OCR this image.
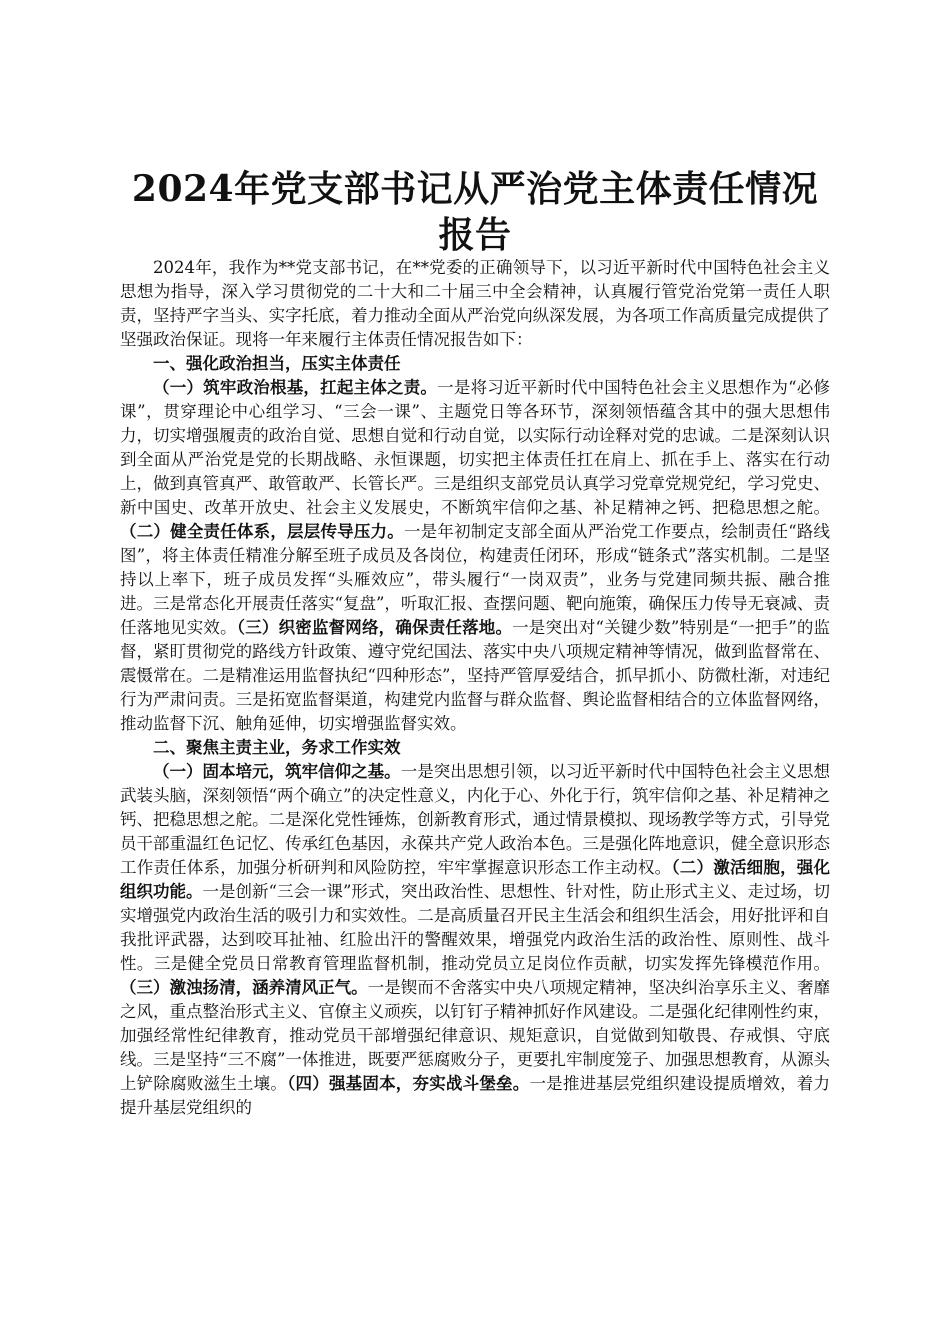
2024年党支部书记从严治党主体责任情况报告

2024年，我作为**党支部书记，在**党委的正确领导下，以习近平新时代中国特色社会主义思想为指导，深入学习贯彻党的二十大和二十届三中全会精神，认真履行管党治党第一责任人职责，坚持严字当头、实字托底，着力推动全面从严治党向纵深发展，为各项工作高质量完成提供了坚强政治保证。现将一年来履行主体责任情况报告如下：

一、强化政治担当，压实主体责任

（一）筑牢政治根基，扛起主体之责。一是将习近平新时代中国特色社会主义思想作为“必修课”，贯穿理论中心组学习、“三会一课”、主题党日等各环节，深刻领悟蕴含其中的强大思想伟力，切实增强履责的政治自觉、思想自觉和行动自觉，以实际行动诠释对党的忠诚。二是深刻认识到全面从严治党是党的长期战略、永恒课题，切实把主体责任扛在肩上、抓在手上、落实在行动上，做到真管真严、敢管敢严、长管长严。三是组织支部党员认真学习党章党规党纪，学习党史、新中国史、改革开放史、社会主义发展史，不断筑牢信仰之基、补足精神之钙、把稳思想之舵。（二）健全责任体系，层层传导压力。一是年初制定支部全面从严治党工作要点，绘制责任“路线图”，将主体责任精准分解至班子成员及各岗位，构建责任闭环，形成“链条式”落实机制。二是坚持以上率下，班子成员发挥“头雁效应”，带头履行“一岗双责”，业务与党建同频共振、融合推进。三是常态化开展责任落实“复盘”，听取汇报、查摆问题、靶向施策，确保压力传导无衰减、责任落地见实效。（三）织密监督网络，确保责任落地。一是突出对“关键少数”特别是“一把手”的监督，紧盯贯彻党的路线方针政策、遵守党纪国法、落实中央八项规定精神等情况，做到监督常在、震慑常在。二是精准运用监督执纪“四种形态”，坚持严管厚爱结合，抓早抓小、防微杜渐，对违纪行为严肃问责。三是拓宽监督渠道，构建党内监督与群众监督、舆论监督相结合的立体监督网络，推动监督下沉、触角延伸，切实增强监督实效。

二、聚焦主责主业，务求工作实效

（一）固本培元，筑牢信仰之基。一是突出思想引领，以习近平新时代中国特色社会主义思想武装头脑，深刻领悟“两个确立”的决定性意义，内化于心、外化于行，筑牢信仰之基、补足精神之钙、把稳思想之舵。二是深化党性锤炼，创新教育形式，通过情景模拟、现场教学等方式，引导党员干部重温红色记忆、传承红色基因，永葆共产党人政治本色。三是强化阵地意识，健全意识形态工作责任体系，加强分析研判和风险防控，牢牢掌握意识形态工作主动权。（二）激活细胞，强化组织功能。一是创新“三会一课”形式，突出政治性、思想性、针对性，防止形式主义、走过场，切实增强党内政治生活的吸引力和实效性。二是高质量召开民主生活会和组织生活会，用好批评和自我批评武器，达到咬耳扯袖、红脸出汗的警醒效果，增强党内政治生活的政治性、原则性、战斗性。三是健全党员日常教育管理监督机制，推动党员立足岗位作贡献，切实发挥先锋模范作用。（三）激浊扬清，涵养清风正气。一是锲而不舍落实中央八项规定精神，坚决纠治享乐主义、奢靡之风，重点整治形式主义、官僚主义顽疾，以钉钉子精神抓好作风建设。二是强化纪律刚性约束，加强经常性纪律教育，推动党员干部增强纪律意识、规矩意识，自觉做到知敬畏、存戒惧、守底线。三是坚持“三不腐”一体推进，既要严惩腐败分子，更要扎牢制度笼子、加强思想教育，从源头上铲除腐败滋生土壤。（四）强基固本，夯实战斗堡垒。一是推进基层党组织建设提质增效，着力提升基层党组织的
